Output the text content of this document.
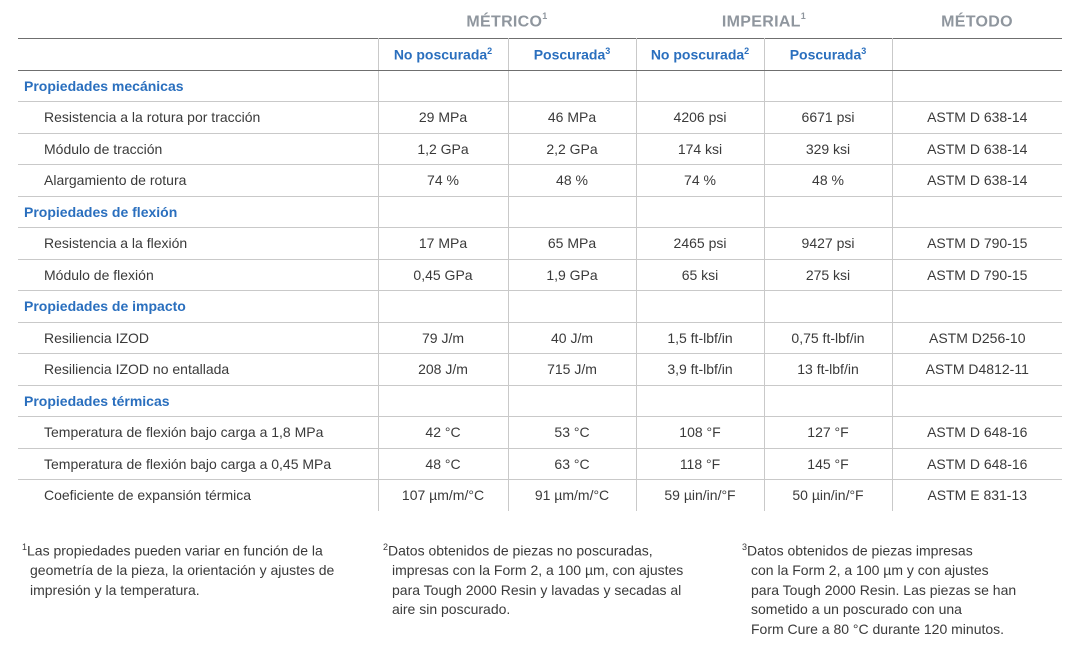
MÉTRICO$^1$	IMPERIAL$^1$	MÉTODO
	No poscurada$^2$	Poscurada$^3$	No poscurada$^2$	Poscurada$^3$	
Propiedades mecánicas					
Resistencia a la rotura por tracción	29 MPa	46 MPa	4206 psi	6671 psi	ASTM D 638-14
Módulo de tracción	1,2 GPa	2,2 GPa	174 ksi	329 ksi	ASTM D 638-14
Alargamiento de rotura	74 %	48 %	74 %	48 %	ASTM D 638-14
Propiedades de flexión					
Resistencia a la flexión	17 MPa	65 MPa	2465 psi	9427 psi	ASTM D 790-15
Módulo de flexión	0,45 GPa	1,9 GPa	65 ksi	275 ksi	ASTM D 790-15
Propiedades de impacto					
Resiliencia IZOD	79 J/m	40 J/m	1,5 ft-lbf/in	0,75 ft-lbf/in	ASTM D256-10
Resiliencia IZOD no entallada	208 J/m	715 J/m	3,9 ft-lbf/in	13 ft-lbf/in	ASTM D4812-11
Propiedades térmicas					
Temperatura de flexión bajo carga a 1,8 MPa	42 °C	53 °C	108 °F	127 °F	ASTM D 648-16
Temperatura de flexión bajo carga a 0,45 MPa	48 °C	63 °C	118 °F	145 °F	ASTM D 648-16
Coeficiente de expansión térmica	107 µm/m/°C	91 µm/m/°C	59 µin/in/°F	50 µin/in/°F	ASTM E 831-13
$^1$Las propiedades pueden variar en función de la
geometría de la pieza, la orientación y ajustes de
impresión y la temperatura.
$^2$Datos obtenidos de piezas no poscuradas,
impresas con la Form 2, a 100 µm, con ajustes
para Tough 2000 Resin y lavadas y secadas al
aire sin poscurado.
$^3$Datos obtenidos de piezas impresas
con la Form 2, a 100 µm y con ajustes
para Tough 2000 Resin. Las piezas se han
sometido a un poscurado con una
Form Cure a 80 °C durante 120 minutos.
